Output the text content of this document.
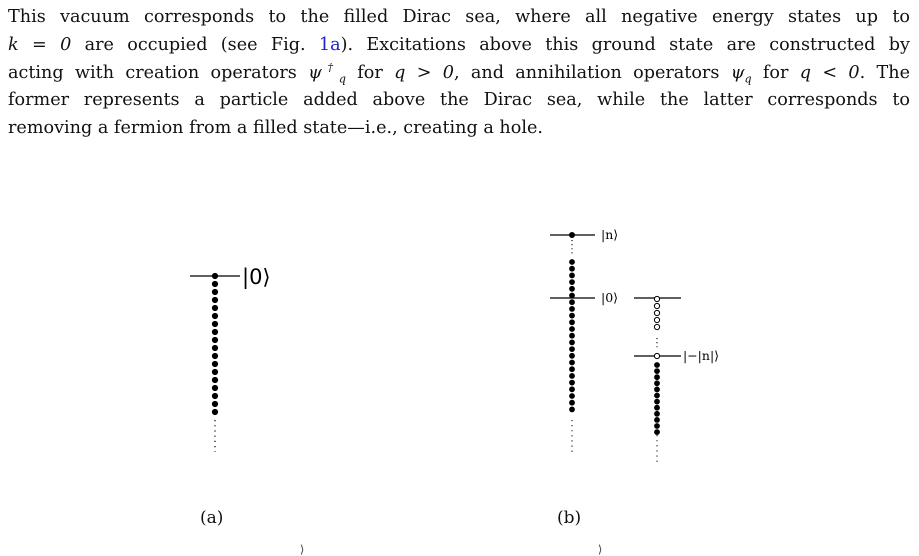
This vacuum corresponds to the filled Dirac sea, where all negative energy states up to
k = 0 are occupied (see Fig. 1a). Excitations above this ground state are constructed by
acting with creation operators $\psi^\dagger_q$ for q > 0, and annihilation operators $\psi_q$ for q < 0. The
former represents a particle added above the Dirac sea, while the latter corresponds to
removing a fermion from a filled state—i.e., creating a hole.

|0⟩
|n⟩
|0⟩
|−|n|⟩
(a)	(b)
⟩                                                                                    ⟩
